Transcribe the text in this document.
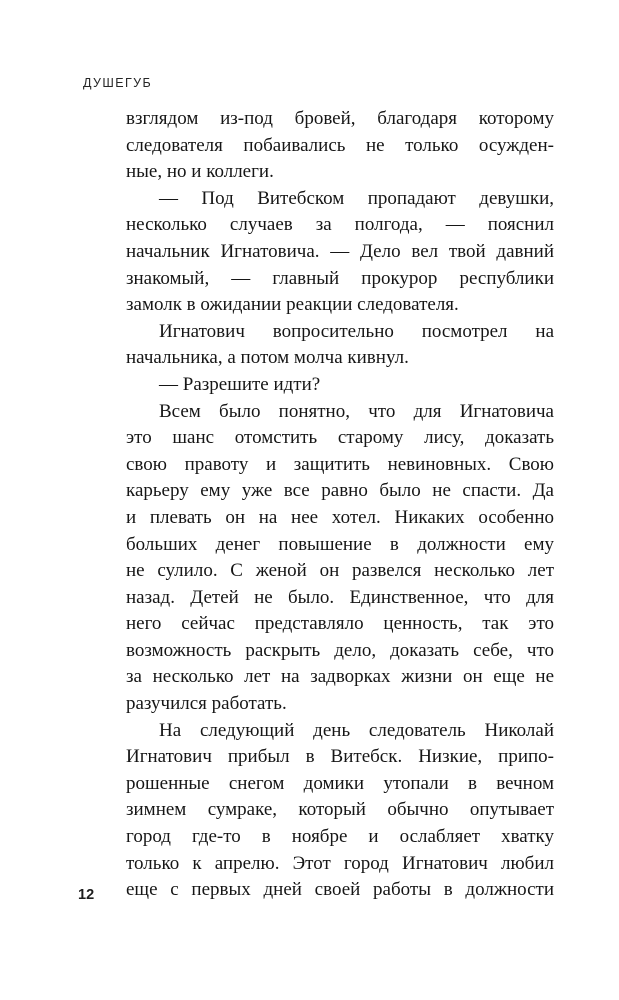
ДУШЕГУБ
взглядом из-под бровей, благодаря которому
следователя побаивались не только осужден-
ные, но и коллеги.
— Под Витебском пропадают девушки,
несколько случаев за полгода, — пояснил
начальник Игнатовича. — Дело вел твой давний
знакомый, — главный прокурор республики
замолк в ожидании реакции следователя.
Игнатович вопросительно посмотрел на
начальника, а потом молча кивнул.
— Разрешите идти?
Всем было понятно, что для Игнатовича
это шанс отомстить старому лису, доказать
свою правоту и защитить невиновных. Свою
карьеру ему уже все равно было не спасти. Да
и плевать он на нее хотел. Никаких особенно
больших денег повышение в должности ему
не сулило. С женой он развелся несколько лет
назад. Детей не было. Единственное, что для
него сейчас представляло ценность, так это
возможность раскрыть дело, доказать себе, что
за несколько лет на задворках жизни он еще не
разучился работать.
На следующий день следователь Николай
Игнатович прибыл в Витебск. Низкие, припо-
рошенные снегом домики утопали в вечном
зимнем сумраке, который обычно опутывает
город где-то в ноябре и ослабляет хватку
только к апрелю. Этот город Игнатович любил
еще с первых дней своей работы в должности
12
